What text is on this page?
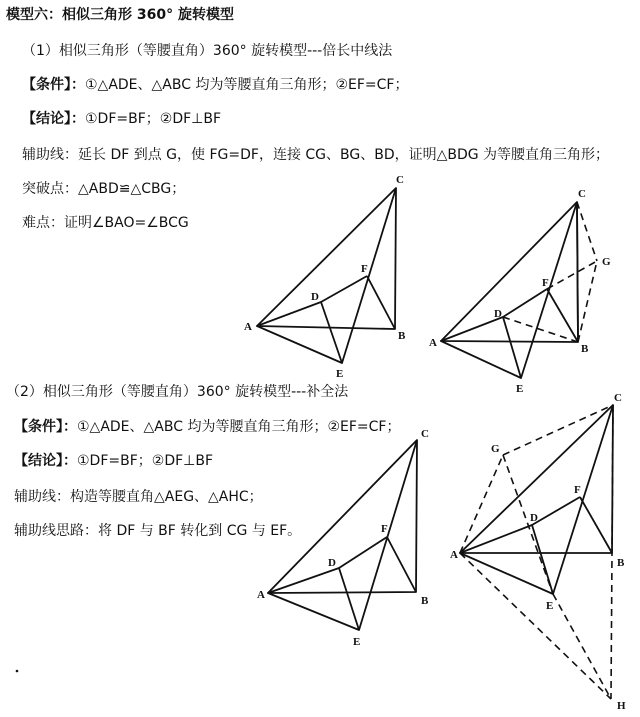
模型六：相似三角形 360° 旋转模型
（1）相似三角形（等腰直角）360° 旋转模型---倍长中线法
【条件】：①△ADE、△ABC 均为等腰直角三角形；②EF=CF；
【结论】：①DF=BF；②DF⊥BF
辅助线：延长 DF 到点 G，使 FG=DF，连接 CG、BG、BD，证明△BDG 为等腰直角三角形；
突破点：△ABD≌△CBG；
难点：证明∠BAO=∠BCG
A
B
C
D
E
F
A	B
C
D
E
F
G
（2）相似三角形（等腰直角）360° 旋转模型---补全法
【条件】：①△ADE、△ABC 均为等腰直角三角形；②EF=CF；
【结论】：①DF=BF；②DF⊥BF
辅助线：构造等腰直角△AEG、△AHC；
辅助线思路：将 DF 与 BF 转化到 CG 与 EF。
A	B
C
D
E
F
A
B
C
D
E
F
G
H
